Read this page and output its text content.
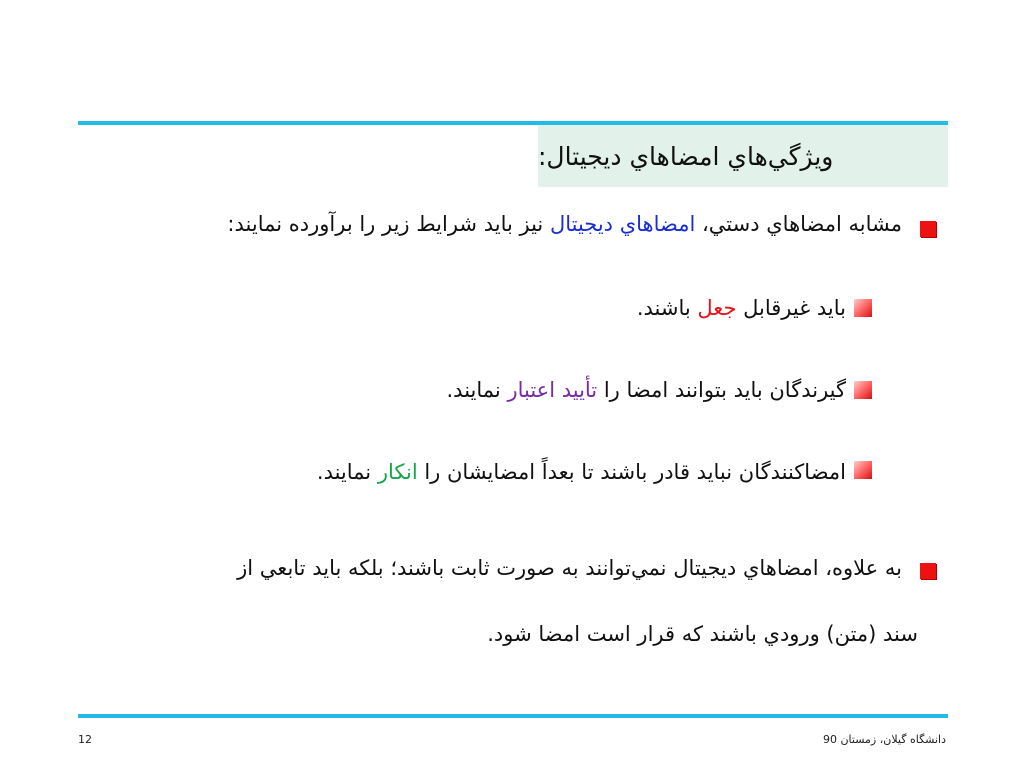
ويژگي‌هاي امضاهاي ديجيتال:
مشابه امضاهاي دستي، امضاهاي ديجيتال نيز بايد شرايط زير را برآورده نمايند:
بايد غيرقابل جعل باشند.
گيرندگان بايد بتوانند امضا را تأييد اعتبار نمايند.
امضاكنندگان نبايد قادر باشند تا بعداً امضايشان را انكار نمايند.
به علاوه، امضاهاي ديجيتال نمي‌توانند به صورت ثابت باشند؛ بلكه بايد تابعي از
سند (متن) ورودي باشند كه قرار است امضا شود.
12	دانشگاه گيلان، زمستان 90
